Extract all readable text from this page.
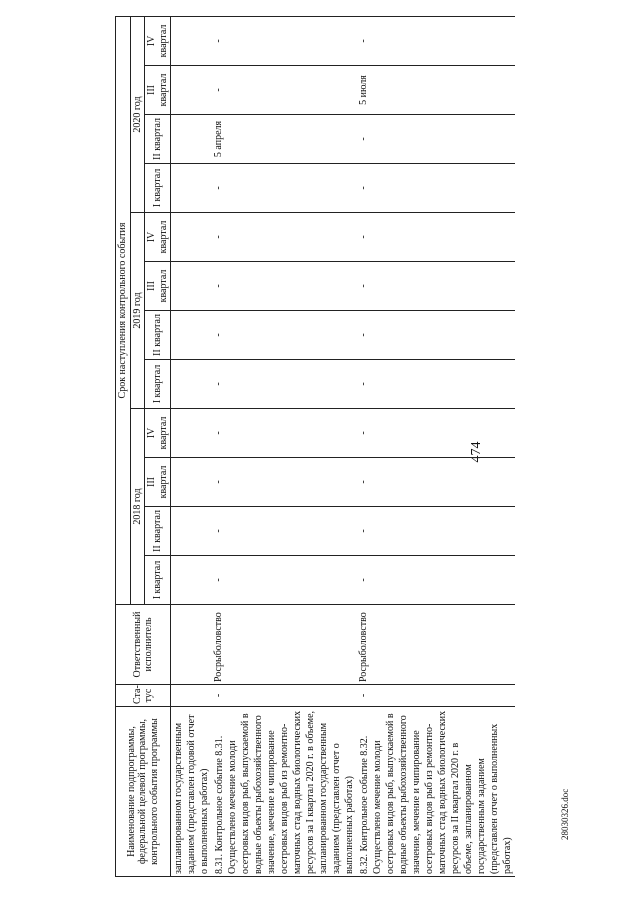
474
Наименование подпрограммы, федеральной целевой программы, контрольного события программы	Ста-тус	Ответственный исполнитель	Срок наступления контрольного события											
			2018 год				2019 год				2020 год			
			I квартал	II квартал	III квартал	IV квартал	I квартал	II квартал	III квартал	IV квартал	I квартал	II квартал	III квартал	IV квартал
запланированном государственным заданием (представлен годовой отчет о выполненных работах)														
8.31. Контрольное событие 8.31. Осуществлено мечение молоди осетровых видов рыб, выпускаемой в водные объекты рыбохозяйственного значение, мечение и чипирование осетровых видов рыб из ремонтно-маточных стад водных биологических ресурсов за I квартал 2020 г. в объеме, запланированном государственным заданием (представлен отчет о выполненных работах)	-	Росрыболовство	-	-	-	-	-	-	-	-	-	5 апреля	-	-
8.32. Контрольное событие 8.32. Осуществлено мечение молоди осетровых видов рыб, выпускаемой в водные объекты рыбохозяйственного значение, мечение и чипирование осетровых видов рыб из ремонтно-маточных стад водных биологических ресурсов за II квартал 2020 г. в объеме, запланированном государственным заданием (представлен отчет о выполненных работах)	-	Росрыболовство	-	-	-	-	-	-	-	-	-	-	5 июля	-
28030326.doc
